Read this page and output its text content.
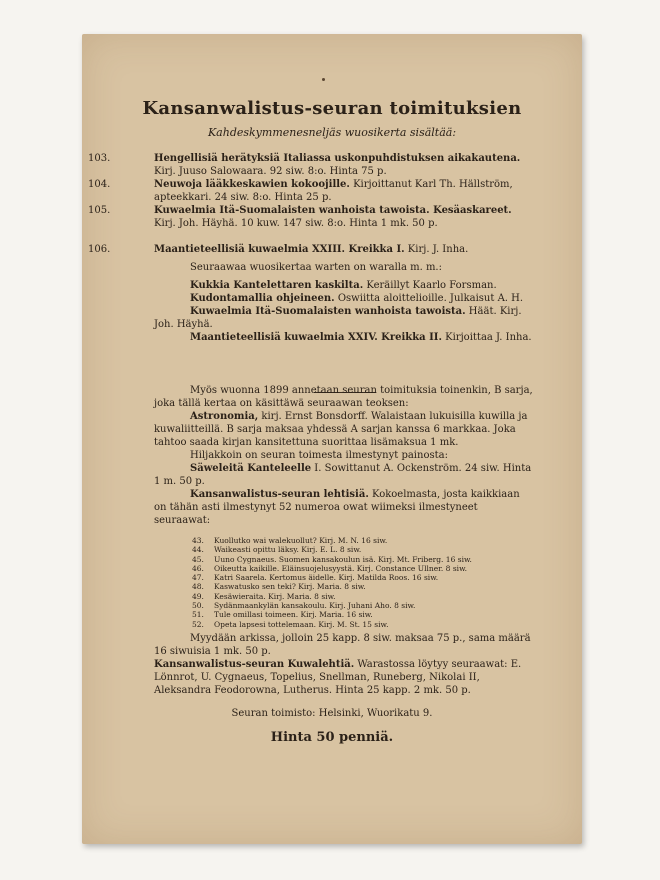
Kansanwalistus-seuran toimituksien
Kahdeskymmenesneljäs wuosikerta sisältää:
103.	Hengellisiä herätyksiä Italiassa uskonpuhdistuksen aikakautena. Kirj. Juuso Salowaara. 92 siw. 8:o. Hinta 75 p.
104.	Neuwoja lääkkeskawien kokoojille. Kirjoittanut Karl Th. Hällström, apteekkari. 24 siw. 8:o. Hinta 25 p.
105.	Kuwaelmia Itä-Suomalaisten wanhoista tawoista. Kesäaskareet. Kirj. Joh. Häyhä. 10 kuw. 147 siw. 8:o. Hinta 1 mk. 50 p.
106.	Maantieteellisiä kuwaelmia XXIII. Kreikka I. Kirj. J. Inha.
Seuraawaa wuosikertaa warten on waralla m. m.:
Kukkia Kantelettaren kaskilta. Keräillyt Kaarlo Forsman.
Kudontamallia ohjeineen. Oswiitta aloittelioille. Julkaisut A. H.
Kuwaelmia Itä-Suomalaisten wanhoista tawoista. Häät. Kirj. Joh. Häyhä.
Maantieteellisiä kuwaelmia XXIV. Kreikka II. Kirjoittaa J. Inha.
Myös wuonna 1899 annetaan seuran toimituksia toinenkin, B sarja, joka tällä kertaa on käsittäwä seuraawan teoksen:
Astronomia, kirj. Ernst Bonsdorff. Walaistaan lukuisilla kuwilla ja kuwaliitteillä. B sarja maksaa yhdessä A sarjan kanssa 6 markkaa. Joka tahtoo saada kirjan kansitettuna suorittaa lisämaksua 1 mk.
Hiljakkoin on seuran toimesta ilmestynyt painosta:
Säweleitä Kanteleelle I. Sowittanut A. Ockenström. 24 siw. Hinta 1 m. 50 p.
Kansanwalistus-seuran lehtisiä. Kokoelmasta, josta kaikkiaan on tähän asti ilmestynyt 52 numeroa owat wiimeksi ilmestyneet seuraawat:
43.	Kuollutko wai walekuollut? Kirj. M. N. 16 siw.
44.	Waikeasti opittu läksy. Kirj. E. L. 8 siw.
45.	Uuno Cygnaeus. Suomen kansakoulun isä. Kirj. Mt. Friberg. 16 siw.
46.	Oikeutta kaikille. Eläinsuojelusyystä. Kirj. Constance Ullner. 8 siw.
47.	Katri Saarela. Kertomus äidelle. Kirj. Matilda Roos. 16 siw.
48.	Kaswatusko sen teki? Kirj. Maria. 8 siw.
49.	Kesäwieraita. Kirj. Maria. 8 siw.
50.	Sydänmaankylän kansakoulu. Kirj. Juhani Aho. 8 siw.
51.	Tule omillasi toimeen. Kirj. Maria. 16 siw.
52.	Opeta lapsesi tottelemaan. Kirj. M. St. 15 siw.
Myydään arkissa, jolloin 25 kapp. 8 siw. maksaa 75 p., sama määrä 16 siwuisia 1 mk. 50 p.
Kansanwalistus-seuran Kuwalehtiä. Warastossa löytyy seuraawat: E. Lönnrot, U. Cygnaeus, Topelius, Snellman, Runeberg, Nikolai II, Aleksandra Feodorowna, Lutherus. Hinta 25 kapp. 2 mk. 50 p.
Seuran toimisto: Helsinki, Wuorikatu 9.
Hinta 50 penniä.
